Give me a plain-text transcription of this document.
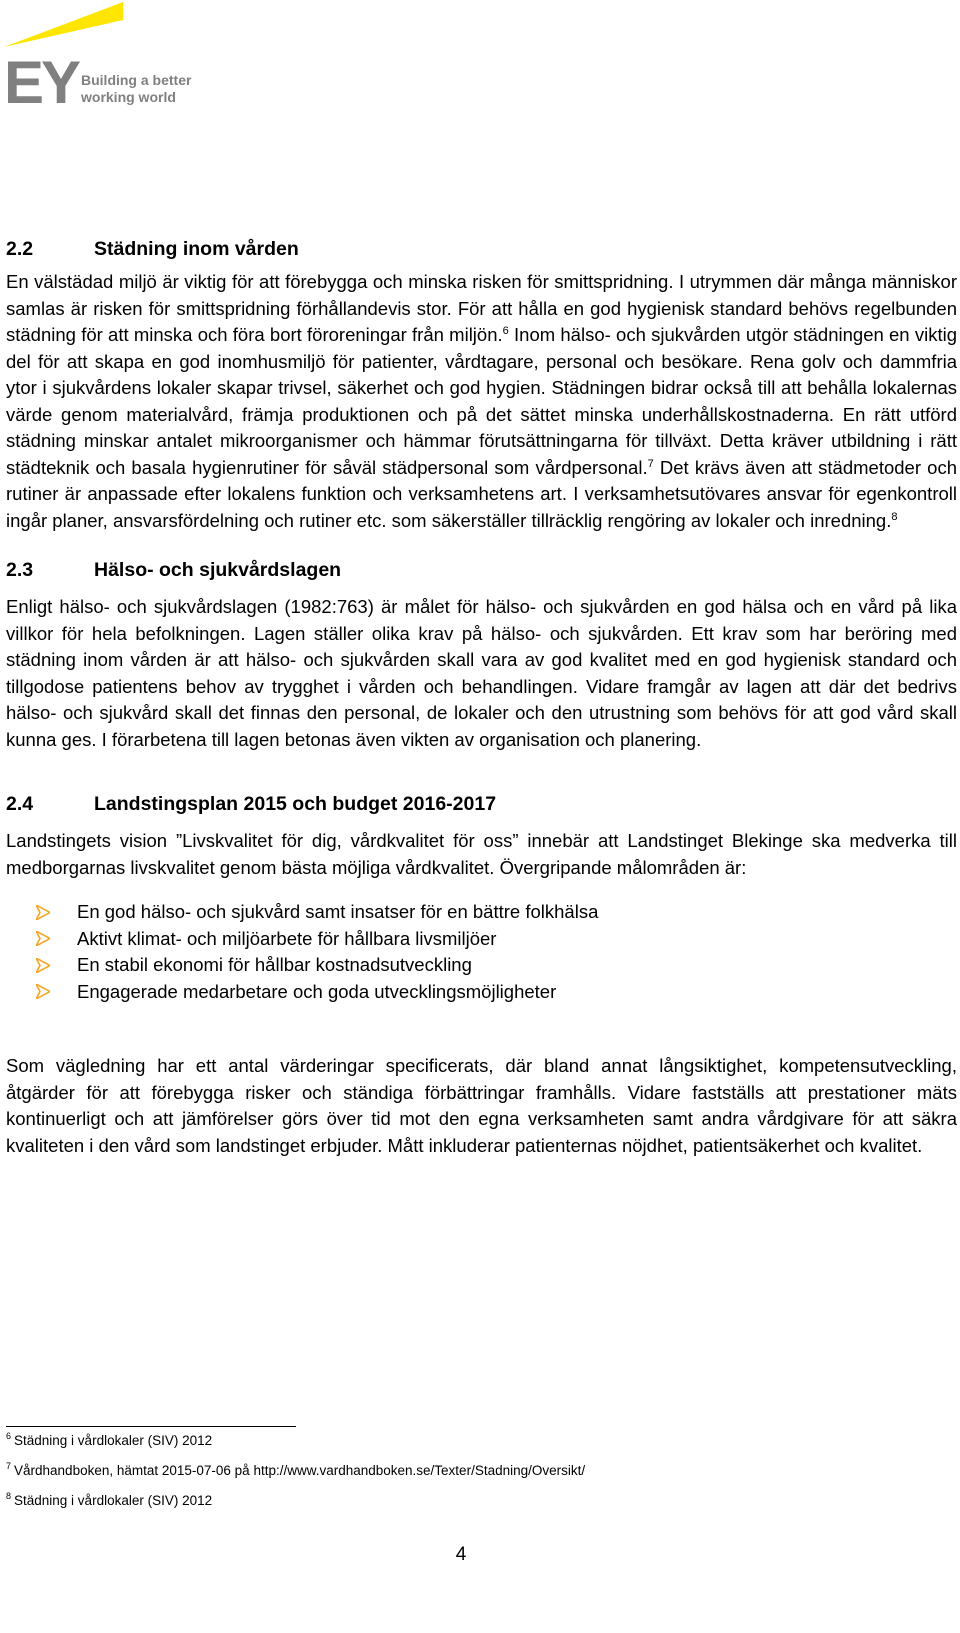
EY Building a better
working world
2.2	Städning inom vården

En välstädad miljö är viktig för att förebygga och minska risken för smittspridning. I utrymmen där många människor samlas är risken för smittspridning förhållandevis stor. För att hålla en god hygienisk standard behövs regelbunden städning för att minska och föra bort föroreningar från miljön.$^6$ Inom hälso- och sjukvården utgör städningen en viktig del för att skapa en god inomhusmiljö för patienter, vårdtagare, personal och besökare. Rena golv och dammfria ytor i sjukvårdens lokaler skapar trivsel, säkerhet och god hygien. Städningen bidrar också till att behålla lokalernas värde genom materialvård, främja produktionen och på det sättet minska underhållskostnaderna. En rätt utförd städning minskar antalet mikroorganismer och hämmar förutsättningarna för tillväxt. Detta kräver utbildning i rätt städteknik och basala hygienrutiner för såväl städpersonal som vårdpersonal.$^7$ Det krävs även att städmetoder och rutiner är anpassade efter lokalens funktion och verksamhetens art. I verksamhetsutövares ansvar för egenkontroll ingår planer, ansvarsfördelning och rutiner etc. som säkerställer tillräcklig rengöring av lokaler och inredning.$^8$

2.3	Hälso- och sjukvårdslagen

Enligt hälso- och sjukvårdslagen (1982:763) är målet för hälso- och sjukvården en god hälsa och en vård på lika villkor för hela befolkningen. Lagen ställer olika krav på hälso- och sjukvården. Ett krav som har beröring med städning inom vården är att hälso- och sjukvården skall vara av god kvalitet med en god hygienisk standard och tillgodose patientens behov av trygghet i vården och behandlingen. Vidare framgår av lagen att där det bedrivs hälso- och sjukvård skall det finnas den personal, de lokaler och den utrustning som behövs för att god vård skall kunna ges. I förarbetena till lagen betonas även vikten av organisation och planering.

2.4	Landstingsplan 2015 och budget 2016-2017

Landstingets vision ”Livskvalitet för dig, vårdkvalitet för oss” innebär att Landstinget Blekinge ska medverka till medborgarnas livskvalitet genom bästa möjliga vårdkvalitet. Övergripande målområden är:

En god hälso- och sjukvård samt insatser för en bättre folkhälsa
Aktivt klimat- och miljöarbete för hållbara livsmiljöer
En stabil ekonomi för hållbar kostnadsutveckling
Engagerade medarbetare och goda utvecklingsmöjligheter

Som vägledning har ett antal värderingar specificerats, där bland annat långsiktighet, kompetensutveckling, åtgärder för att förebygga risker och ständiga förbättringar framhålls. Vidare fastställs att prestationer mäts kontinuerligt och att jämförelser görs över tid mot den egna verksamheten samt andra vårdgivare för att säkra kvaliteten i den vård som landstinget erbjuder. Mått inkluderar patienternas nöjdhet, patientsäkerhet och kvalitet.

$^6$ Städning i vårdlokaler (SIV) 2012
$^7$ Vårdhandboken, hämtat 2015-07-06 på http://www.vardhandboken.se/Texter/Stadning/Oversikt/
$^8$ Städning i vårdlokaler (SIV) 2012
4
